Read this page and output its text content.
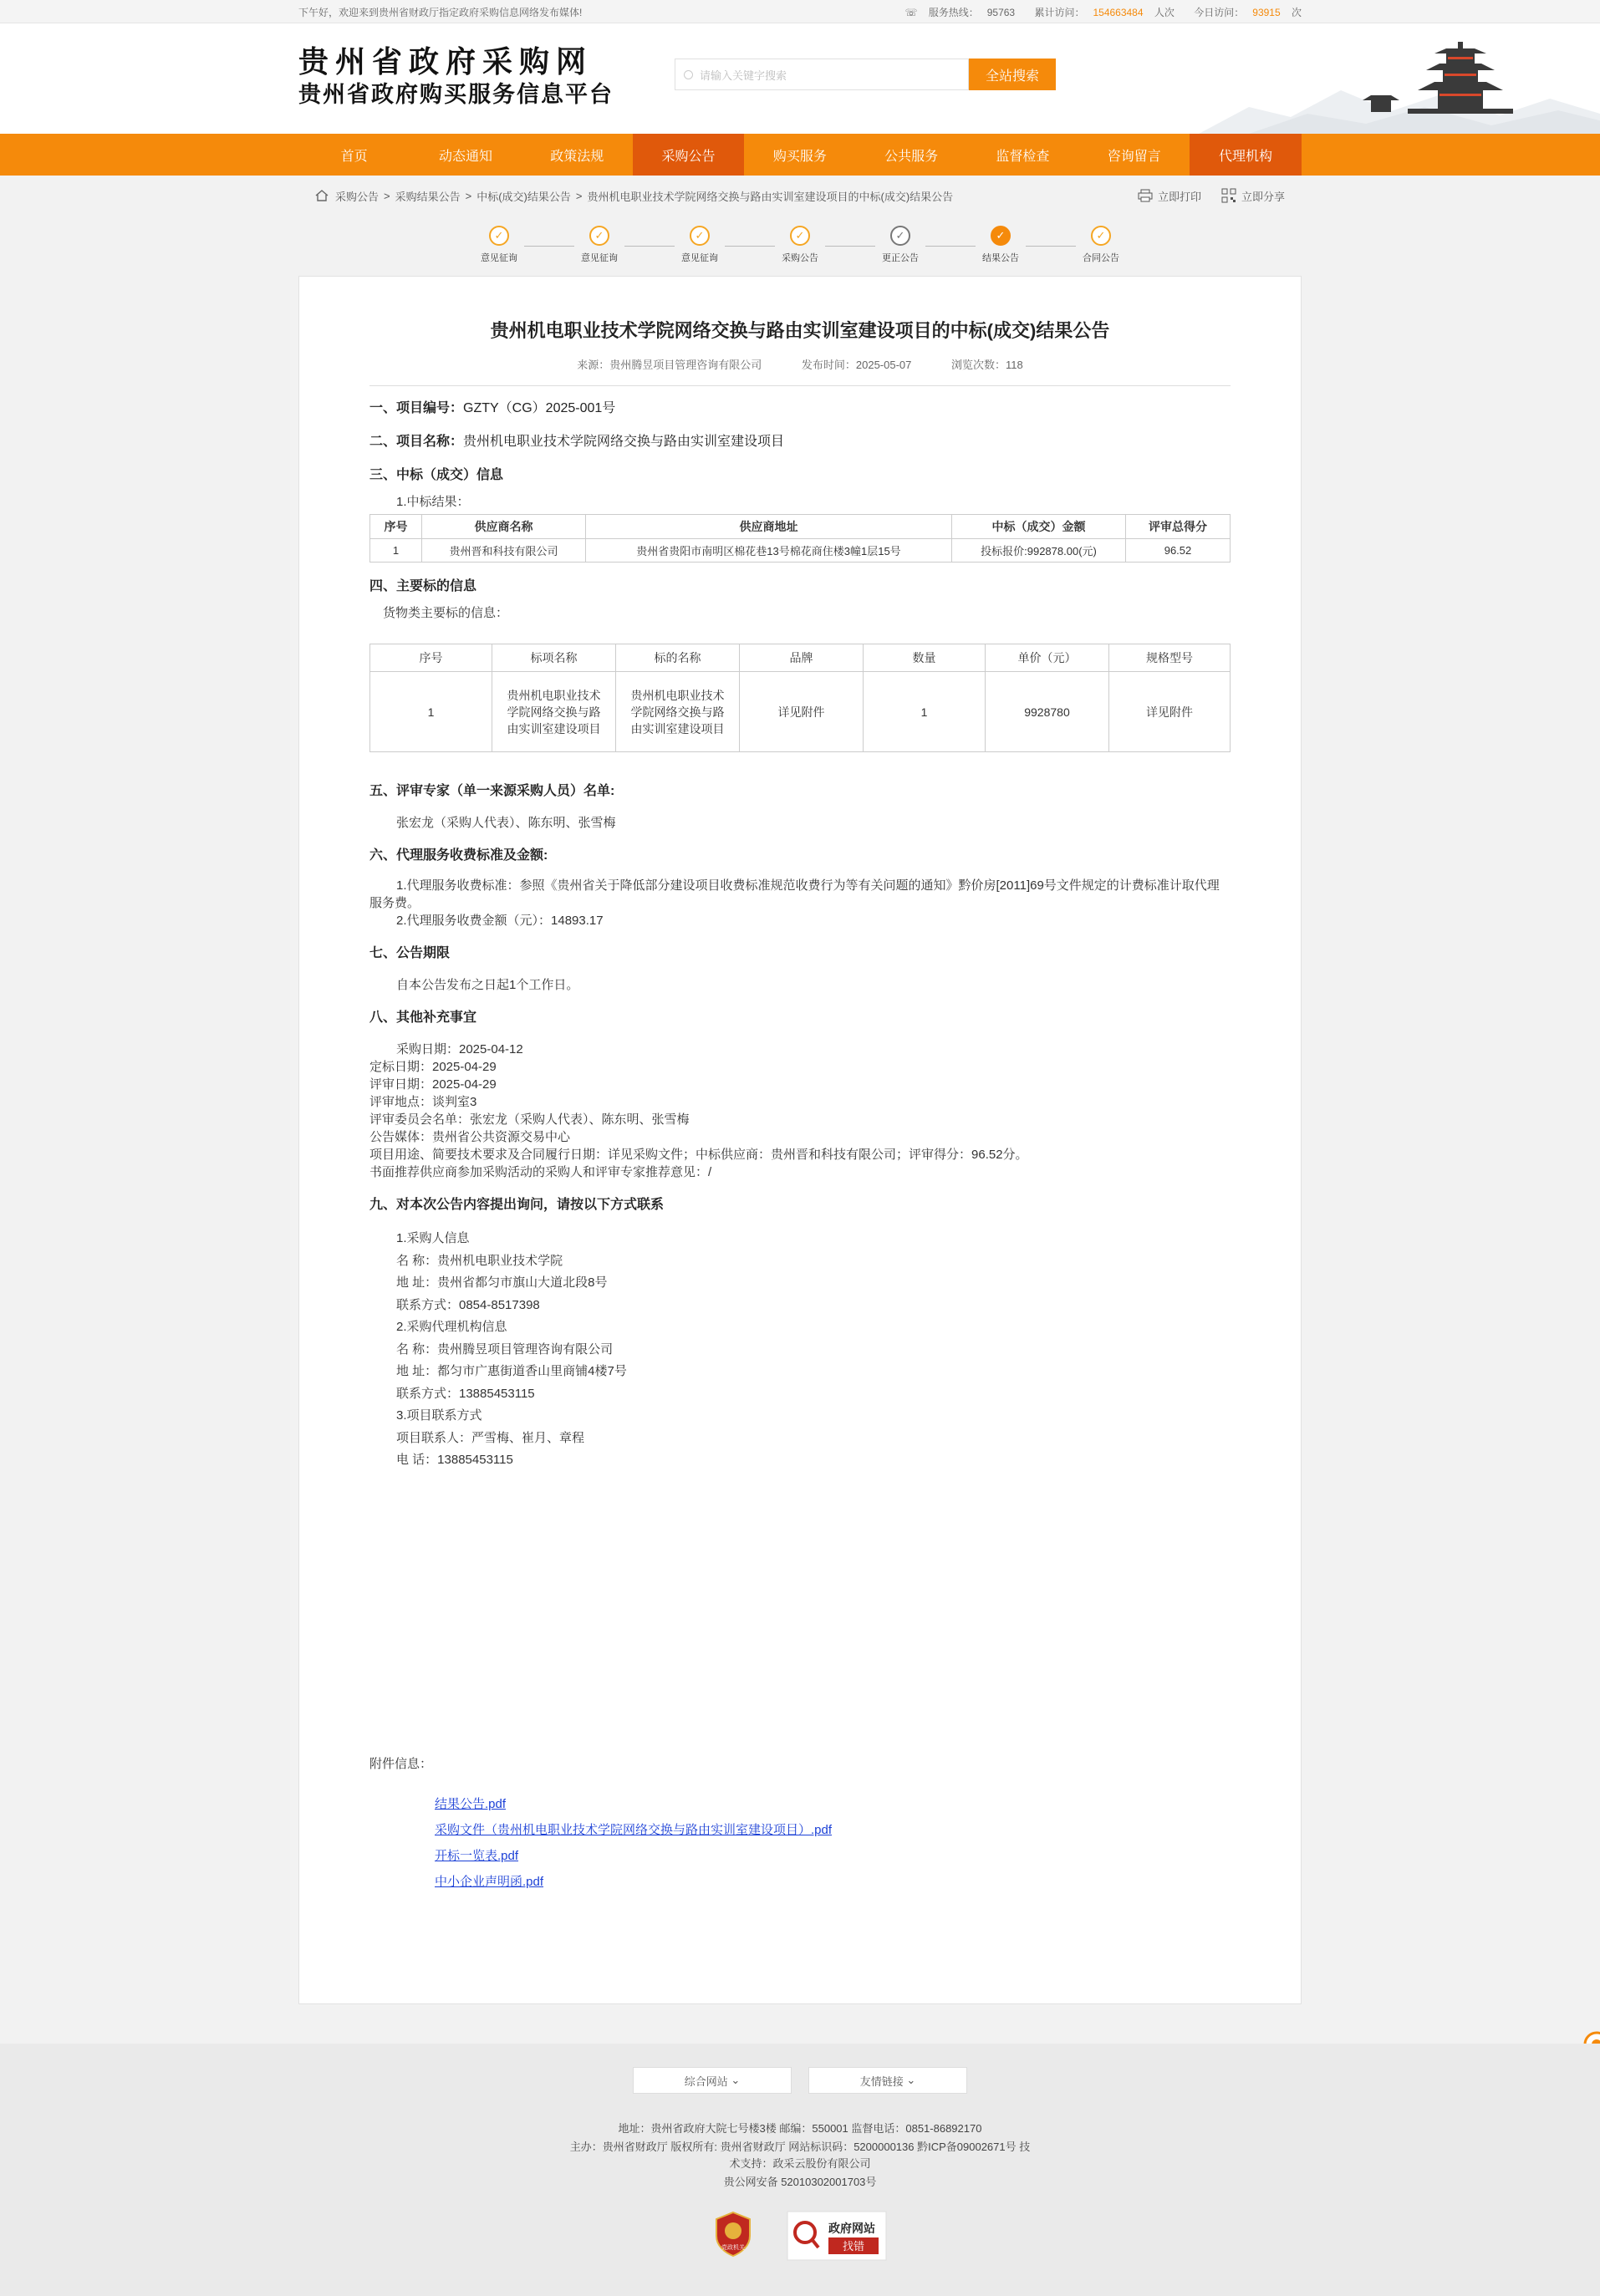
下午好，欢迎来到贵州省财政厅指定政府采购信息网络发布媒体!	☏ 服务热线： 95763 累计访问： 154663484 人次 今日访问： 93915 次
贵州省政府采购网
贵州省政府购买服务信息平台
请输入关键字搜索	全站搜索
首页	动态通知	政策法规	采购公告	购买服务	公共服务	监督检查	咨询留言	代理机构
采购公告 > 采购结果公告 > 中标(成交)结果公告 > 贵州机电职业技术学院网络交换与路由实训室建设项目的中标(成交)结果公告	立即打印	立即分享
✓
意见征询
✓
意见征询
✓
意见征询
✓
采购公告
✓
更正公告
✓
结果公告
✓
合同公告
贵州机电职业技术学院网络交换与路由实训室建设项目的中标(成交)结果公告
来源：贵州腾昱项目管理咨询有限公司	发布时间：2025-05-07	浏览次数：118
一、项目编号：GZTY（CG）2025-001号
二、项目名称：贵州机电职业技术学院网络交换与路由实训室建设项目
三、中标（成交）信息
1.中标结果：
序号	供应商名称	供应商地址	中标（成交）金额	评审总得分
1	贵州晋和科技有限公司	贵州省贵阳市南明区棉花巷13号棉花商住楼3幢1层15号	投标报价:992878.00(元)	96.52
四、主要标的信息
货物类主要标的信息：
序号	标项名称	标的名称	品牌	数量	单价（元）	规格型号
1	贵州机电职业技术学院网络交换与路由实训室建设项目	贵州机电职业技术学院网络交换与路由实训室建设项目	详见附件	1	9928780	详见附件
五、评审专家（单一来源采购人员）名单:
张宏龙（采购人代表）、陈东明、张雪梅
六、代理服务收费标准及金额:
1.代理服务收费标准：参照《贵州省关于降低部分建设项目收费标准规范收费行为等有关问题的通知》黔价房[2011]69号文件规定的计费标准计取代理服务费。
2.代理服务收费金额（元）：14893.17
七、公告期限
自本公告发布之日起1个工作日。
八、其他补充事宜
采购日期：2025-04-12
定标日期：2025-04-29
评审日期：2025-04-29
评审地点：谈判室3
评审委员会名单：张宏龙（采购人代表）、陈东明、张雪梅
公告媒体：贵州省公共资源交易中心
项目用途、简要技术要求及合同履行日期：详见采购文件；中标供应商：贵州晋和科技有限公司；评审得分：96.52分。
书面推荐供应商参加采购活动的采购人和评审专家推荐意见：/
九、对本次公告内容提出询问，请按以下方式联系
1.采购人信息
名 称：贵州机电职业技术学院
地 址：贵州省都匀市旗山大道北段8号
联系方式：0854-8517398
2.采购代理机构信息
名 称：贵州腾昱项目管理咨询有限公司
地 址：都匀市广惠街道香山里商铺4楼7号
联系方式：13885453115
3.项目联系方式
项目联系人：严雪梅、崔月、章程
电 话：13885453115
附件信息：
结果公告.pdf
采购文件（贵州机电职业技术学院网络交换与路由实训室建设项目）.pdf
开标一览表.pdf
中小企业声明函.pdf
综合网站
⌄	友情链接
⌄
地址：贵州省政府大院七号楼3楼 邮编：550001 监督电话：0851-86892170
主办：贵州省财政厅 版权所有: 贵州省财政厅 网站标识码：5200000136 黔ICP备09002671号 技
术支持：政采云股份有限公司
贵公网安备 52010302001703号
党政机关
政府网站
找错
